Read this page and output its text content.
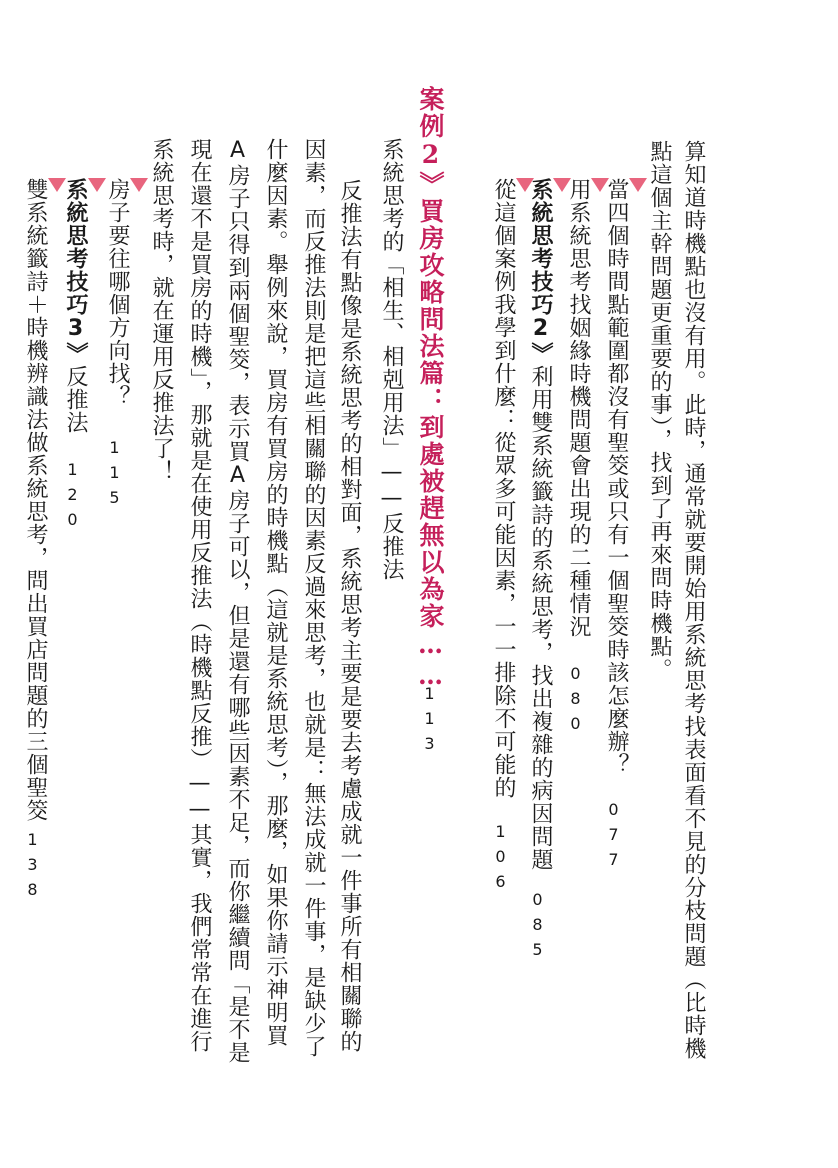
算知道時機點也沒有用。此時，通常就要開始用系統思考找表面看不見的分枝問題（比時機
點這個主幹問題更重要的事），找到了再來問時機點。
當四個時間點範圍都沒有聖筊或只有一個聖筊時該怎麼辦？
077
用系統思考找姻緣時機問題會出現的二種情況
080
系統思考技巧2》利用雙系統籤詩的系統思考，找出複雜的病因問題
085
從這個案例我學到什麼：從眾多可能因素，一一排除不可能的
106
案例2》買房攻略問法篇：到處被趕無以為家……
113
系統思考的「相生、相剋用法」——反推法
　反推法有點像是系統思考的相對面，系統思考主要是要去考慮成就一件事所有相關聯的
因素，而反推法則是把這些相關聯的因素反過來思考，也就是：無法成就一件事，是缺少了
什麼因素。舉例來說，買房有買房的時機點（這就是系統思考），那麼，如果你請示神明買
A房子只得到兩個聖筊，表示買A房子可以，但是還有哪些因素不足，而你繼續問「是不是
現在還不是買房的時機」，那就是在使用反推法（時機點反推）——其實，我們常常在進行
系統思考時，就在運用反推法了！
房子要往哪個方向找？
115
系統思考技巧3》反推法
120
雙系統籤詩＋時機辨識法做系統思考，問出買店問題的三個聖筊
138
